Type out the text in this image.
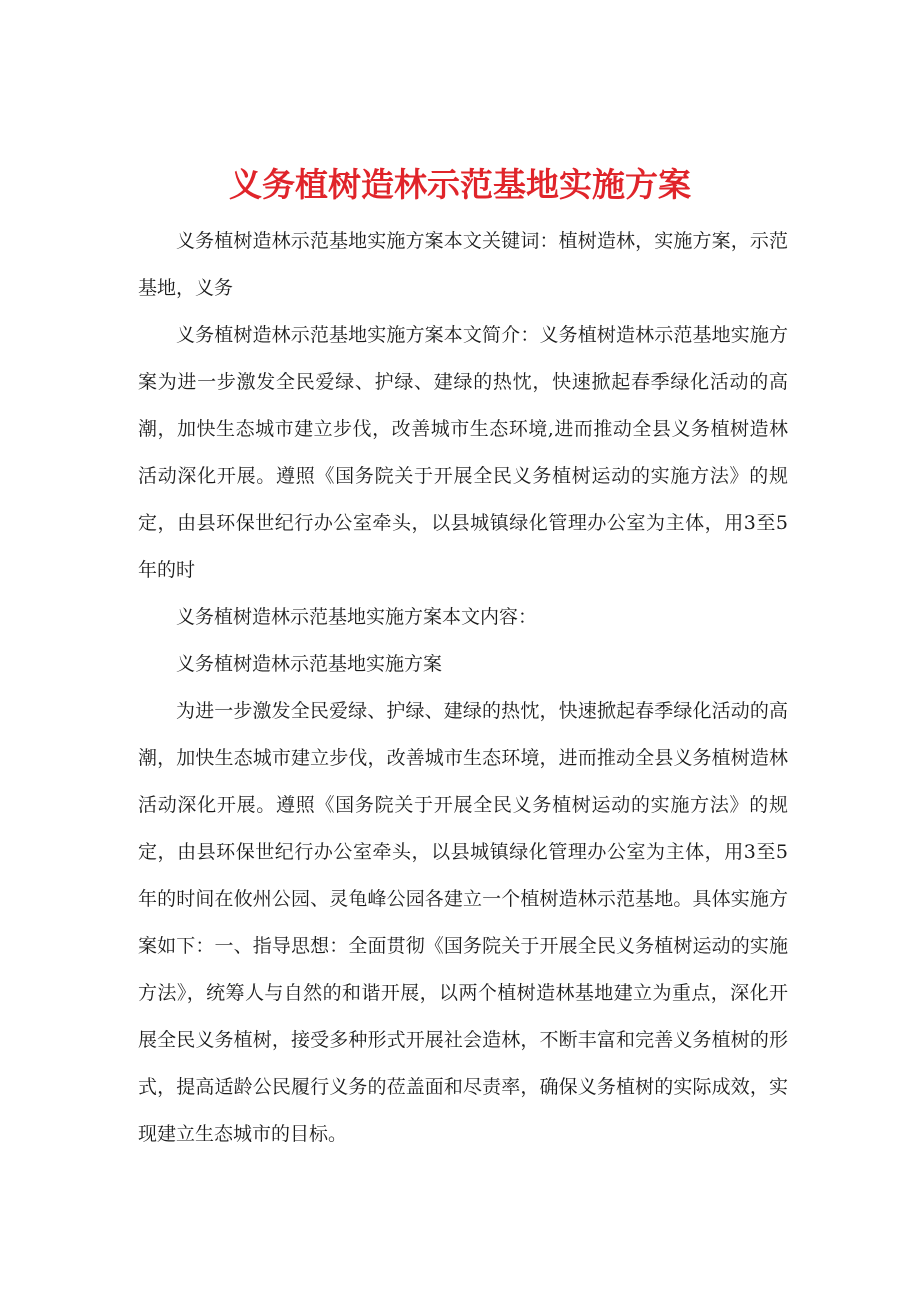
义务植树造林示范基地实施方案

义务植树造林示范基地实施方案本文关键词：植树造林，实施方案，示范基地，义务

义务植树造林示范基地实施方案本文简介：义务植树造林示范基地实施方案为进一步激发全民爱绿、护绿、建绿的热忱，快速掀起春季绿化活动的高潮，加快生态城市建立步伐，改善城市生态环境,进而推动全县义务植树造林活动深化开展。遵照《国务院关于开展全民义务植树运动的实施方法》的规定，由县环保世纪行办公室牵头，以县城镇绿化管理办公室为主体，用3至5年的时

义务植树造林示范基地实施方案本文内容：

义务植树造林示范基地实施方案

为进一步激发全民爱绿、护绿、建绿的热忱，快速掀起春季绿化活动的高潮，加快生态城市建立步伐，改善城市生态环境，进而推动全县义务植树造林活动深化开展。遵照《国务院关于开展全民义务植树运动的实施方法》的规定，由县环保世纪行办公室牵头，以县城镇绿化管理办公室为主体，用3至5年的时间在攸州公园、灵龟峰公园各建立一个植树造林示范基地。具体实施方案如下：一、指导思想：全面贯彻《国务院关于开展全民义务植树运动的实施方法》，统筹人与自然的和谐开展，以两个植树造林基地建立为重点，深化开展全民义务植树，接受多种形式开展社会造林，不断丰富和完善义务植树的形式，提高适龄公民履行义务的莅盖面和尽责率，确保义务植树的实际成效，实现建立生态城市的目标。
